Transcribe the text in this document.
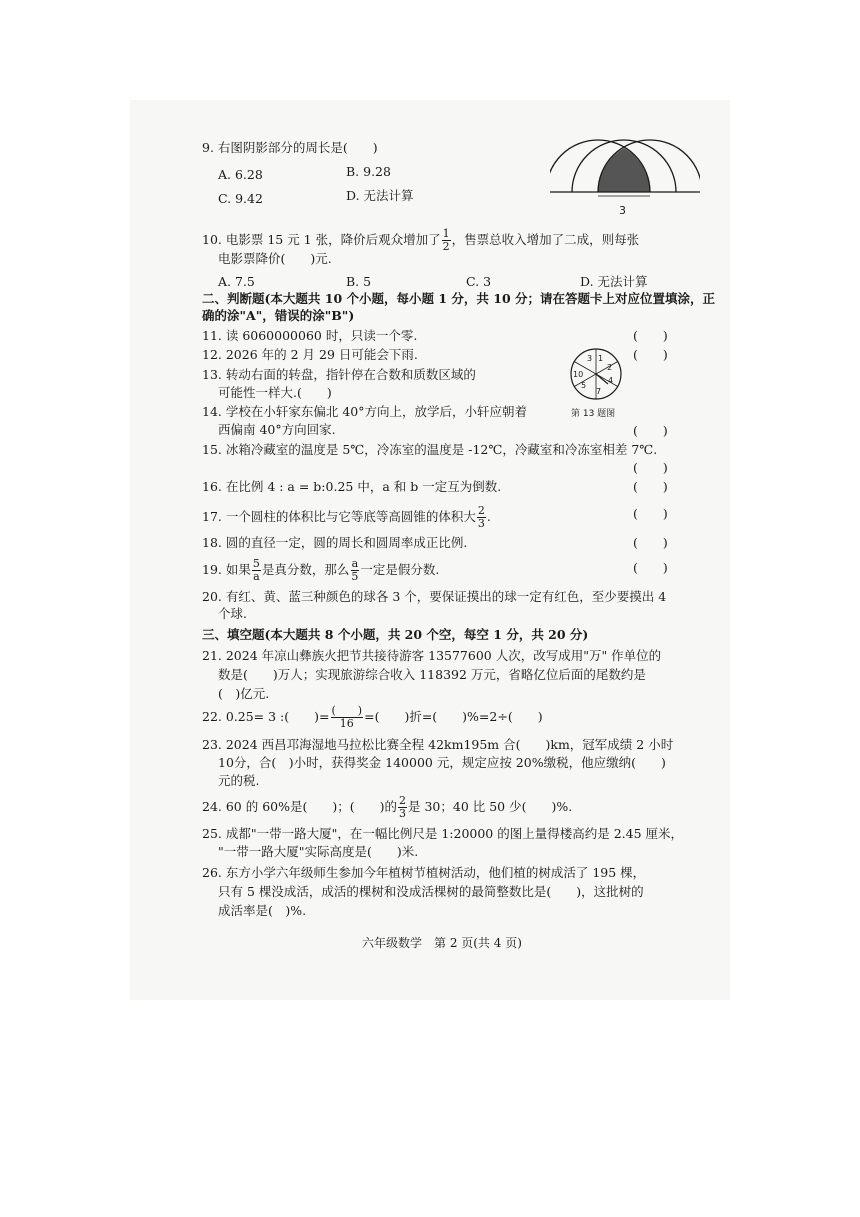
9. 右图阴影部分的周长是(　　)
A. 6.28	B. 9.28
C. 9.42	D. 无法计算
3
10. 电影票 15 元 1 张，降价后观众增加了 $\frac{1}{2}$ ，售票总收入增加了二成，则每张
电影票降价(　　)元.
A. 7.5	B. 5	C. 3	D. 无法计算
二、判断题(本大题共 10 个小题，每小题 1 分，共 10 分；请在答题卡上对应位置填涂，正
确的涂"A"，错误的涂"B")
11. 读 6060000060 时，只读一个零.	(　　)
12. 2026 年的 2 月 29 日可能会下雨.	(　　)
13. 转动右面的转盘，指针停在合数和质数区域的
可能性一样大.(　　)
1
2
4
7
5
3
10
第 13 题图
14. 学校在小轩家东偏北 40°方向上，放学后，小轩应朝着
西偏南 40°方向回家.	(　　)
15. 冰箱冷藏室的温度是 5℃，冷冻室的温度是 -12℃，冷藏室和冷冻室相差 7℃.
(　　)
16. 在比例 4 : a = b:0.25 中，a 和 b 一定互为倒数.	(　　)
17. 一个圆柱的体积比与它等底等高圆锥的体积大 $\frac{2}{3}$ .	(　　)
18. 圆的直径一定，圆的周长和圆周率成正比例.	(　　)
19. 如果 $\frac{5}{a}$ 是真分数，那么 $\frac{a}{5}$ 一定是假分数.	(　　)
20. 有红、黄、蓝三种颜色的球各 3 个，要保证摸出的球一定有红色，至少要摸出 4
个球.
三、填空题(本大题共 8 个小题，共 20 个空，每空 1 分，共 20 分)
21. 2024 年凉山彝族火把节共接待游客 13577600 人次，改写成用"万" 作单位的
数是(　　)万人；实现旅游综合收入 118392 万元，省略亿位后面的尾数约是
(　)亿元.
22. 0.25= 3 :(　　)= $\frac{( )}{16}$ =(　　)折=(　　)%=2÷(　　)
23. 2024 西昌邛海湿地马拉松比赛全程 42km195m 合(　　)km，冠军成绩 2 小时
10分，合(　)小时，获得奖金 140000 元，规定应按 20%缴税，他应缴纳(　　)
元的税.
24. 60 的 60%是(　　)；(　　)的 $\frac{2}{3}$ 是 30；40 比 50 少(　　)%.
25. 成都"一带一路大厦"，在一幅比例尺是 1:20000 的图上量得楼高约是 2.45 厘米，
"一带一路大厦"实际高度是(　　)米.
26. 东方小学六年级师生参加今年植树节植树活动，他们植的树成活了 195 棵，
只有 5 棵没成活，成活的棵树和没成活棵树的最简整数比是(　　)，这批树的
成活率是(　)%.
六年级数学　第 2 页(共 4 页)
